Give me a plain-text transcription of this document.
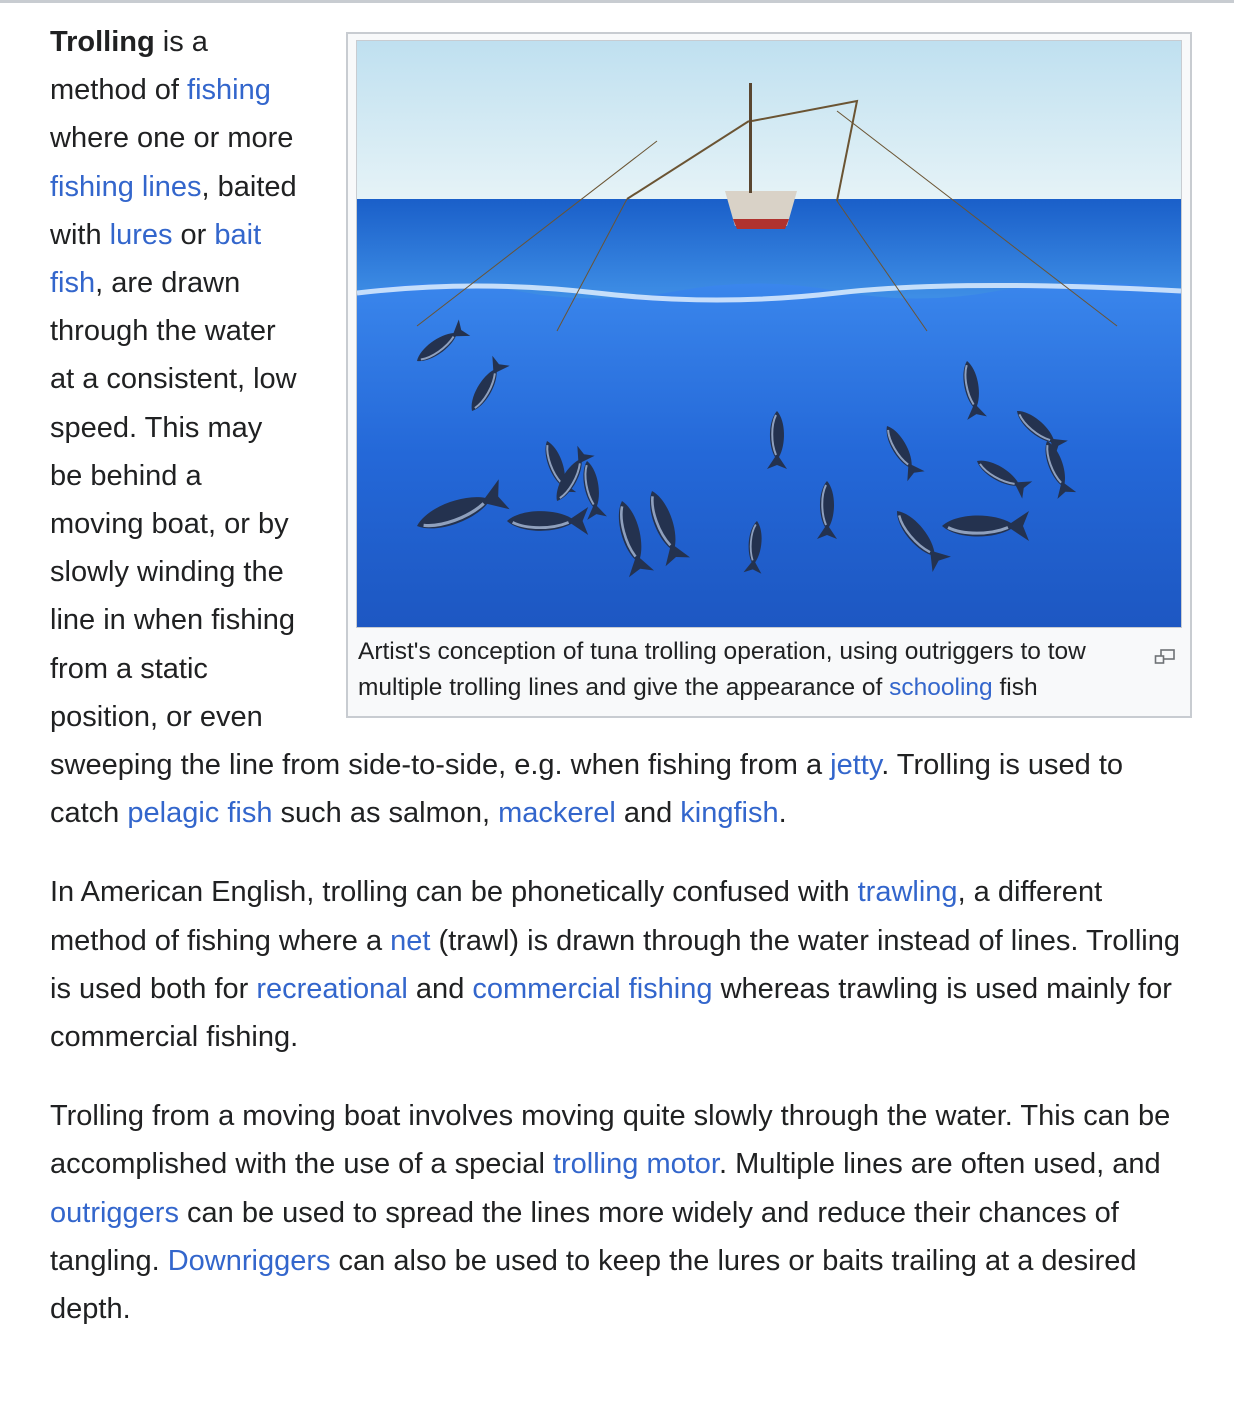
Artist's conception of tuna trolling operation, using outriggers to tow multiple trolling lines and give the appearance of schooling fish

Trolling is a method of fishing where one or more fishing lines, baited with lures or bait fish, are drawn through the water at a consistent, low speed. This may be behind a moving boat, or by slowly winding the line in when fishing from a static position, or even sweeping the line from side-to-side, e.g. when fishing from a jetty. Trolling is used to catch pelagic fish such as salmon, mackerel and kingfish.

In American English, trolling can be phonetically confused with trawling, a different method of fishing where a net (trawl) is drawn through the water instead of lines. Trolling is used both for recreational and commercial fishing whereas trawling is used mainly for commercial fishing.

Trolling from a moving boat involves moving quite slowly through the water. This can be accomplished with the use of a special trolling motor. Multiple lines are often used, and outriggers can be used to spread the lines more widely and reduce their chances of tangling. Downriggers can also be used to keep the lures or baits trailing at a desired depth.
